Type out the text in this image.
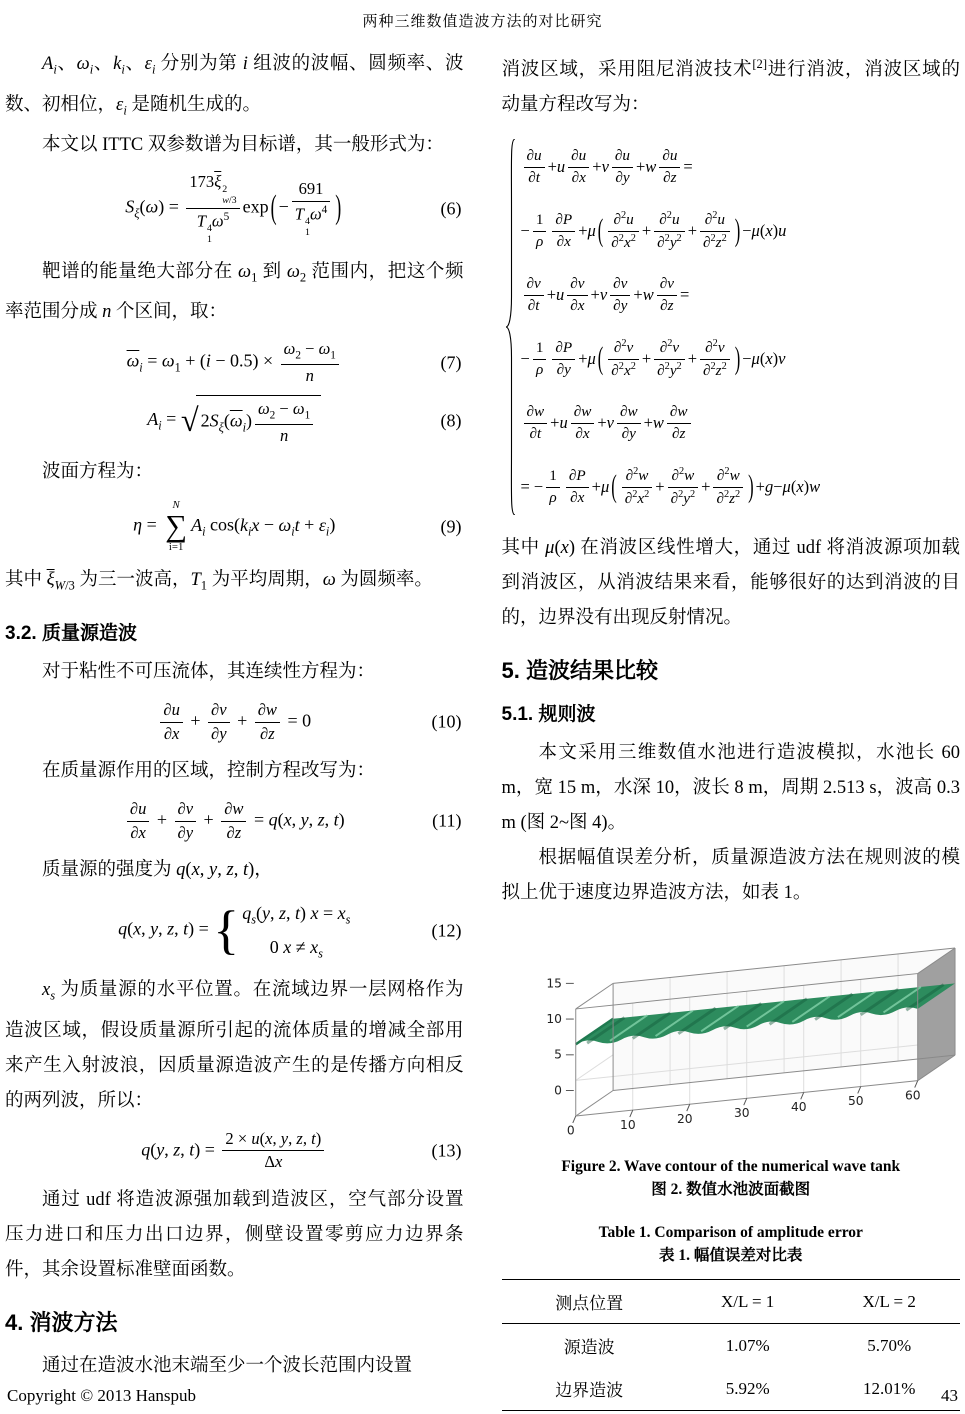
两种三维数值造波方法的对比研究

$A_i$、$\omega_i$、$k_i$、$\varepsilon_i$ 分别为第 i 组波的波幅、圆频率、波数、初相位，$\varepsilon_i$ 是随机生成的。

本文以 ITTC 双参数谱为目标谱，其一般形式为：

$S_\xi(\omega) = 173\overline{\xi}$ 2
w/3
T 4
1
$\omega^5$ exp ( − 691
T 4
1
$\omega^4$ )	(6)

靶谱的能量绝大部分在 $\omega_1$ 到 $\omega_2$ 范围内，把这个频率范围分成 n 个区间，取：

$\overline{\omega}_i = \omega_1 + (i - 0.5) \times \frac{\omega_2 - \omega_1}{n}$	(7)
$A_i$ = √ $2S_\xi(\overline{\omega}_i) \frac{\omega_2 - \omega_1}{n}$	(8)

波面方程为：

η =
N
∑
i=1
$A_i$ $\cos(k_ix - \omega_it + \varepsilon_i)$	(9)

其中 $\overline{\xi}_{W/3}$ 为三一波高，$T_1$ 为平均周期，ω 为圆频率。

3.2. 质量源造波

对于粘性不可压流体，其连续性方程为：

$\frac{\partial u}{\partial x} + \frac{\partial v}{\partial y} + \frac{\partial w}{\partial z} = 0$	(10)

在质量源作用的区域，控制方程改写为：

$\frac{\partial u}{\partial x} + \frac{\partial v}{\partial y} + \frac{\partial w}{\partial z} = q(x$, y, z, t)	(11)

质量源的强度为 q(x, y, z, t)，

q(x, y, z, t) = { $q_s(y$, z, t) $x = x_s$
0 $x \ne x_s$
(12)

$x_s$ 为质量源的水平位置。在流域边界一层网格作为造波区域，假设质量源所引起的流体质量的增减全部用来产生入射波浪，因质量源造波产生的是传播方向相反的两列波，所以：

q(y, z, $t) = \frac{2 \times u(x, y, z, t)}{\Delta x}$	(13)

通过 udf 将造波源强加载到造波区，空气部分设置压力进口和压力出口边界，侧壁设置零剪应力边界条件，其余设置标准壁面函数。

4. 消波方法

通过在造波水池末端至少一个波长范围内设置

消波区域，采用阻尼消波技术[2]进行消波，消波区域的动量方程改写为：

$\frac{\partial u}{\partial t} + u \frac{\partial u}{\partial x} + v \frac{\partial u}{\partial y} + w \frac{\partial u}{\partial z}$ =
− $\frac{1}{\rho} \frac{\partial P}{\partial x} + \mu$ ( $\frac{\partial^2u}{\partial^2x^2} + \frac{\partial^2u}{\partial^2y^2} + \frac{\partial^2u}{\partial^2z^2}$ ) − μ ( x ) u
$\frac{\partial v}{\partial t} + u \frac{\partial v}{\partial x} + v \frac{\partial v}{\partial y} + w \frac{\partial v}{\partial z}$ =
− $\frac{1}{\rho} \frac{\partial P}{\partial y} + \mu$ ( $\frac{\partial^2v}{\partial^2x^2} + \frac{\partial^2v}{\partial^2y^2} + \frac{\partial^2v}{\partial^2z^2}$ ) − μ ( x ) v
$\frac{\partial w}{\partial t} + u \frac{\partial w}{\partial x} + v \frac{\partial w}{\partial y} + w \frac{\partial w}{\partial z}$
= − $\frac{1}{\rho} \frac{\partial P}{\partial x} + \mu$ ( $\frac{\partial^2w}{\partial^2x^2} + \frac{\partial^2w}{\partial^2y^2} + \frac{\partial^2w}{\partial^2z^2}$ ) + g − μ ( x ) w

其中 μ(x) 在消波区线性增大，通过 udf 将消波源项加载到消波区，从消波结果来看，能够很好的达到消波的目的，边界没有出现反射情况。

5. 造波结果比较
5.1. 规则波

本文采用三维数值水池进行造波模拟，水池长 60 m，宽 15 m，水深 10，波长 8 m，周期 2.513 s，波高 0.3 m (图 2~图 4)。

根据幅值误差分析，质量源造波方法在规则波的模拟上优于速度边界造波方法，如表 1。

0	10	20	30	40	50	60
0
5
10
15
Figure 2. Wave contour of the numerical wave tank
图 2. 数值水池波面截图
Table 1. Comparison of amplitude error
表 1. 幅值误差对比表
测点位置	X/L = 1	X/L = 2
源造波	1.07%	5.70%
边界造波	5.92%	12.01%
Copyright © 2013 Hanspub	43
